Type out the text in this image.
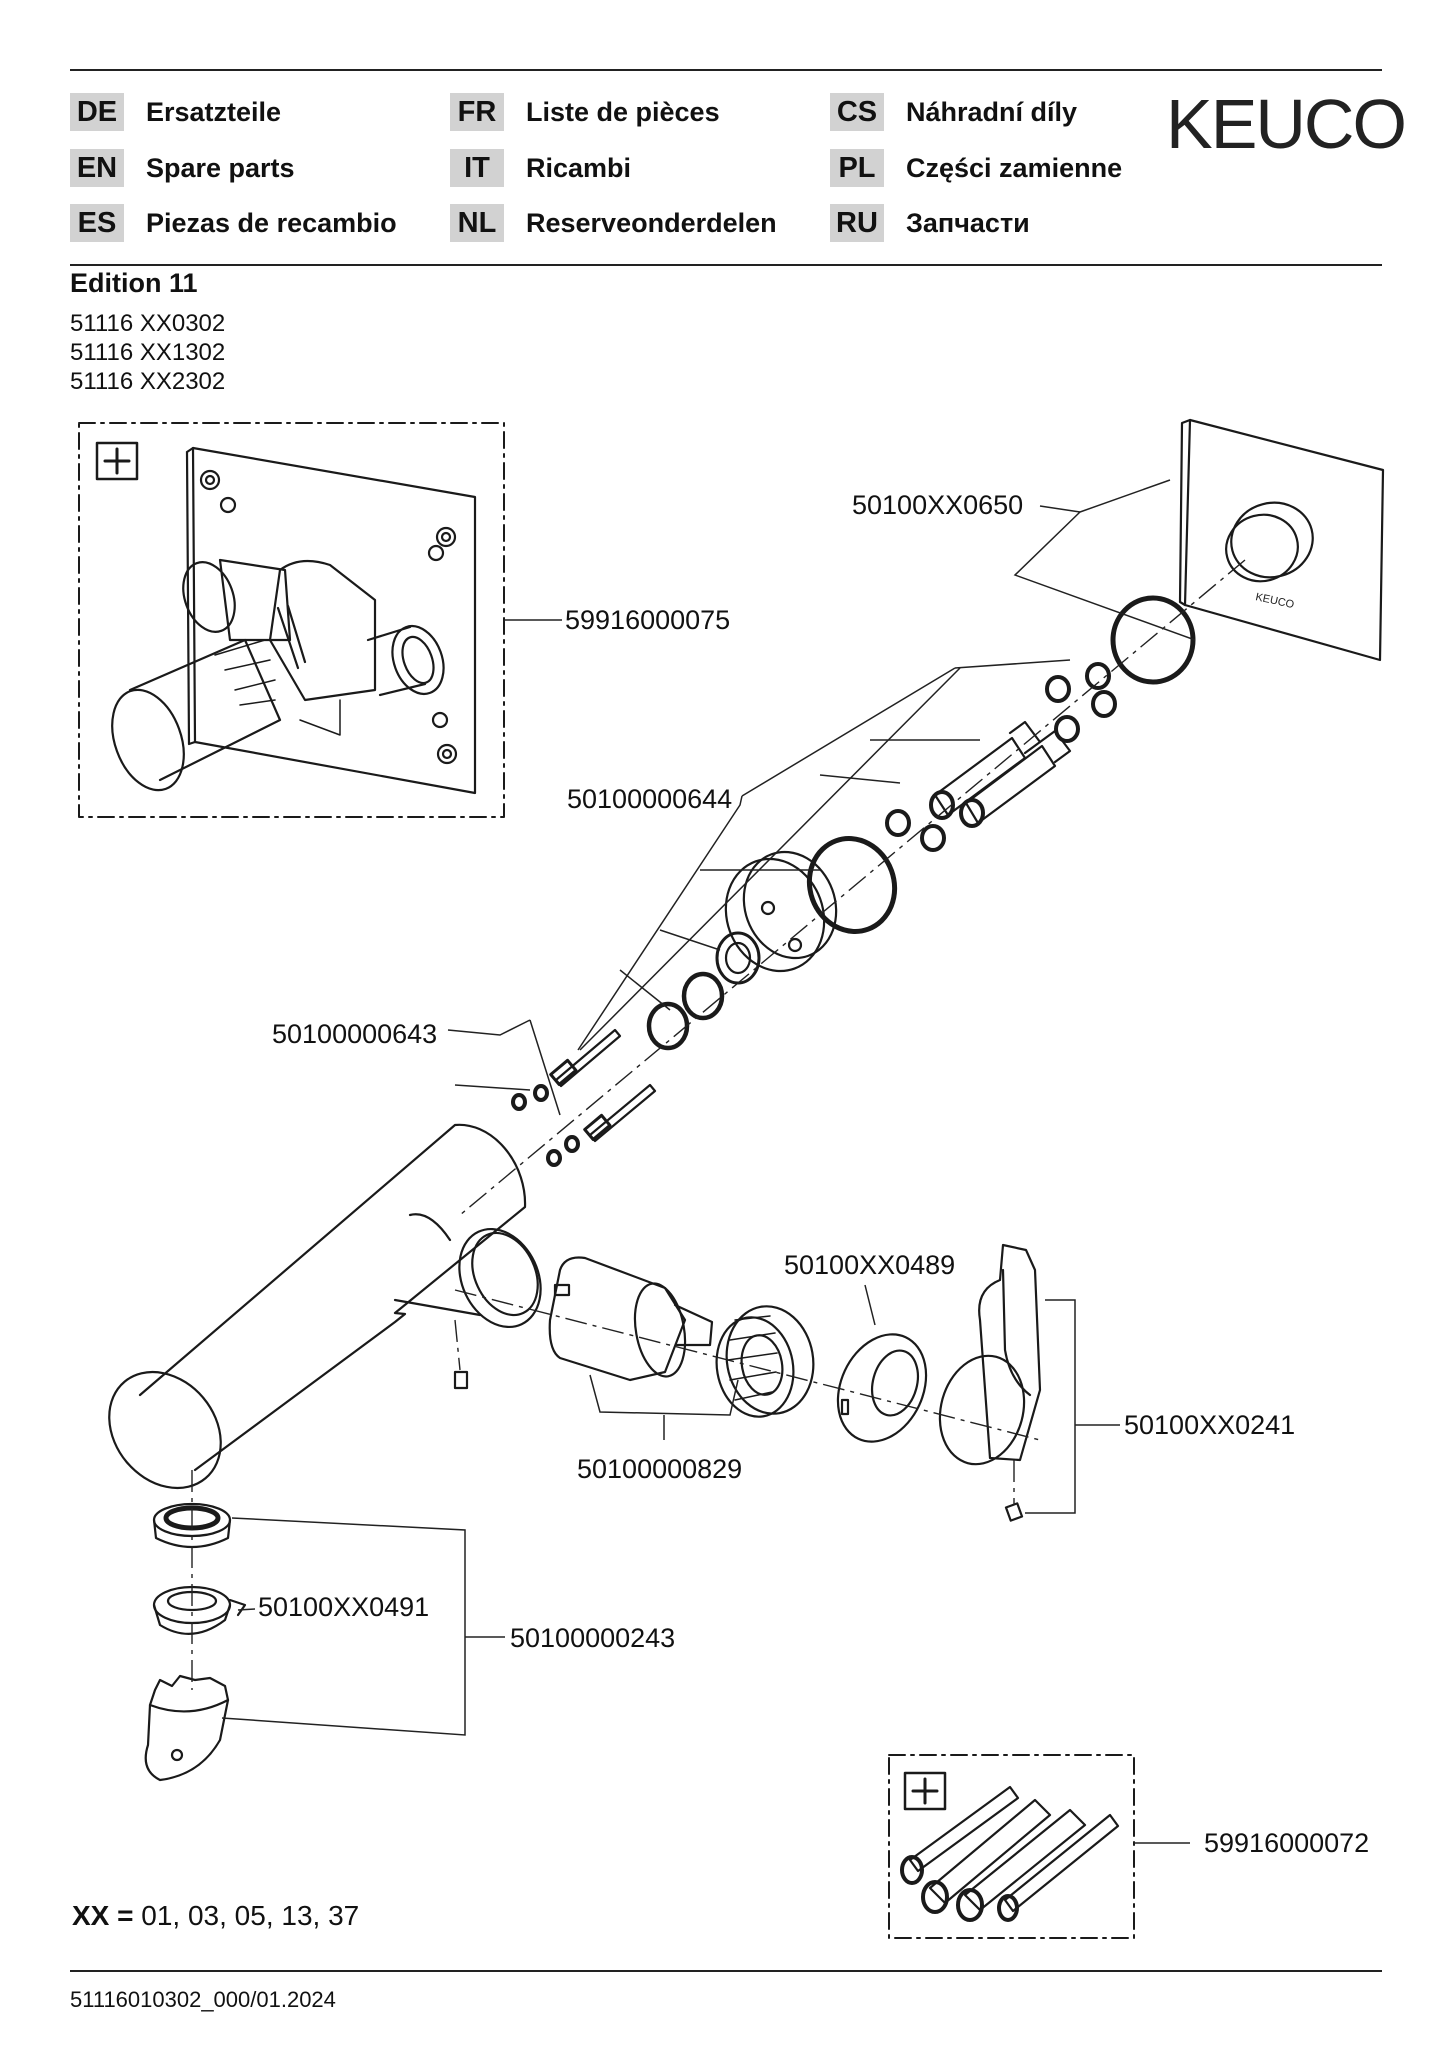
DE Ersatzteile	FR Liste de pièces	CS Náhradní díly
EN Spare parts	IT	Ricambi	PL	Części zamienne
ES Piezas de recambio NL Reserveonderdelen RU Запчасти
KEUCO
Edition 11
51116 XX0302
51116 XX1302
51116 XX2302
KEUCO
59916000075
50100XX0650
50100000644
50100000643
50100XX0489
50100000829
50100XX0241
50100XX0491
50100000243
59916000072
XX = 01, 03, 05, 13, 37
51116010302_000/01.2024
